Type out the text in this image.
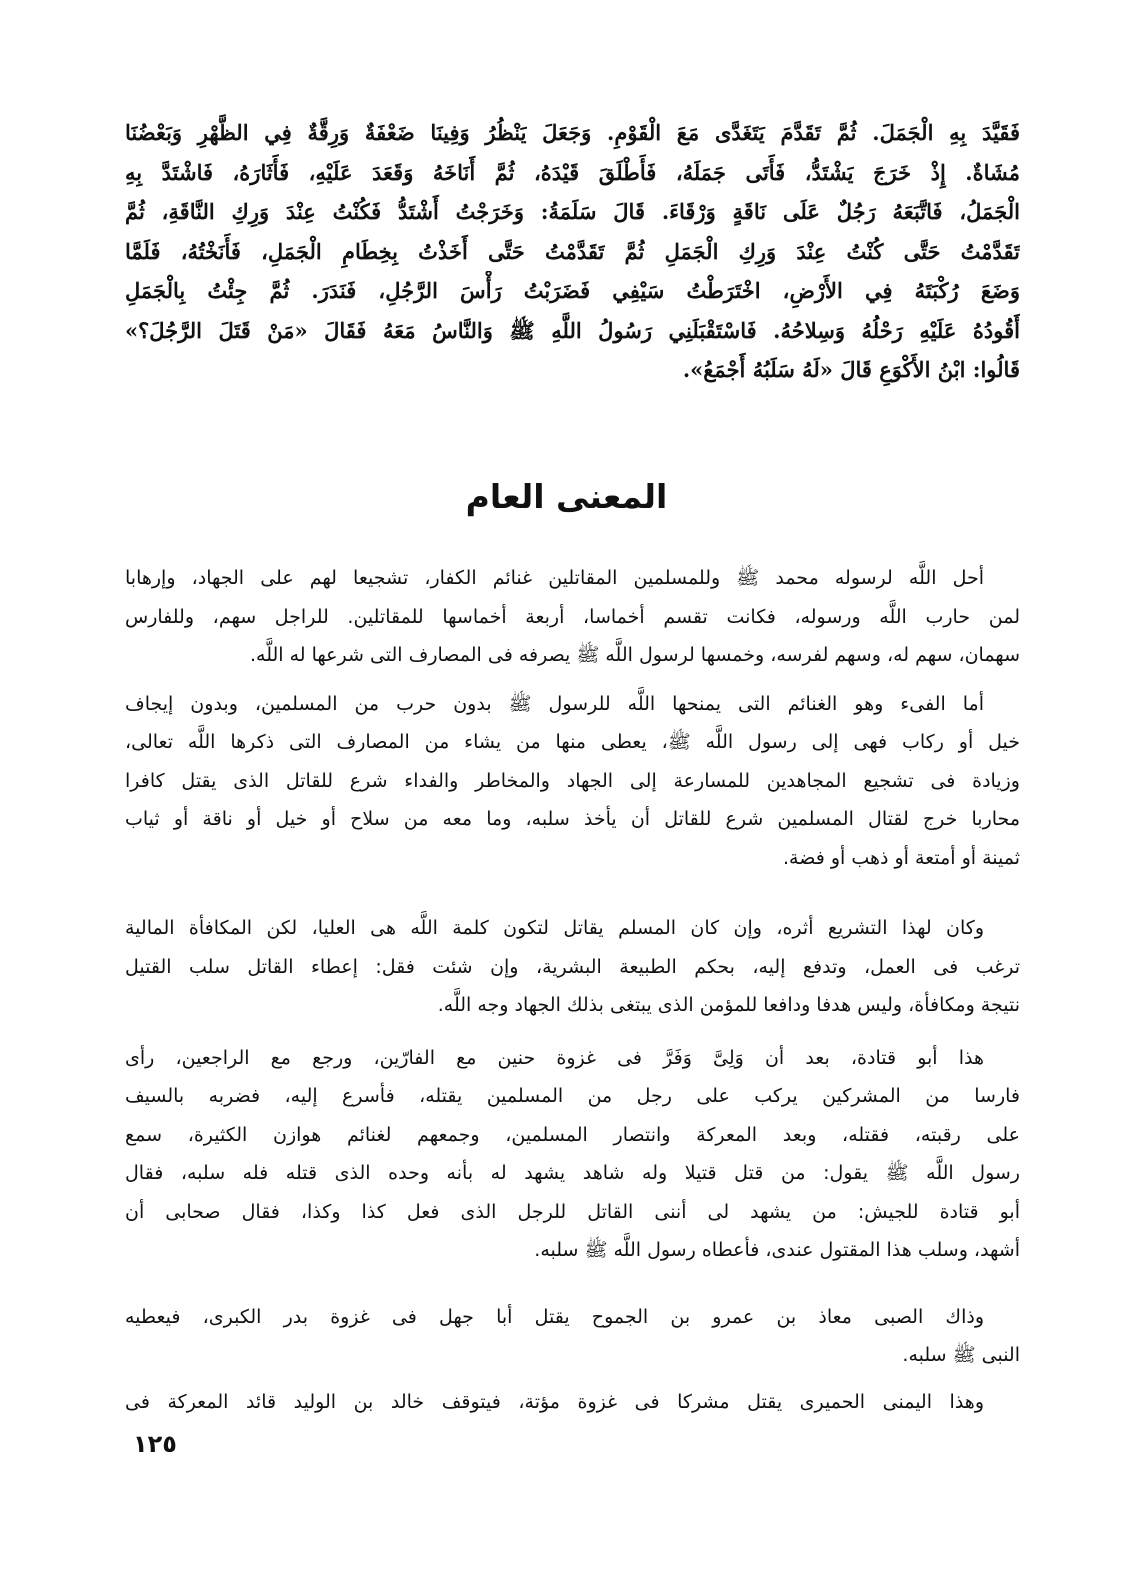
فَقَيَّدَ بِهِ الْجَمَلَ. ثُمَّ تَقَدَّمَ يَتَغَدَّى مَعَ الْقَوْمِ. وَجَعَلَ يَنْظُرُ وَفِينَا ضَعْفَةٌ وَرِقَّةٌ فِي الظَّهْرِ وَبَعْضُنَا
مُشَاةٌ. إِذْ خَرَجَ يَشْتَدُّ، فَأَتَى جَمَلَهُ، فَأَطْلَقَ قَيْدَهُ، ثُمَّ أَنَاخَهُ وَقَعَدَ عَلَيْهِ، فَأَثَارَهُ، فَاشْتَدَّ بِهِ
الْجَمَلُ، فَاتَّبَعَهُ رَجُلٌ عَلَى نَاقَةٍ وَرْقَاءَ. قَالَ سَلَمَةُ: وَخَرَجْتُ أَشْتَدُّ فَكُنْتُ عِنْدَ وَرِكِ النَّاقَةِ، ثُمَّ
تَقَدَّمْتُ حَتَّى كُنْتُ عِنْدَ وَرِكِ الْجَمَلِ ثُمَّ تَقَدَّمْتُ حَتَّى أَخَذْتُ بِخِطَامِ الْجَمَلِ، فَأَنَخْتُهُ، فَلَمَّا
وَضَعَ رُكْبَتَهُ فِي الأَرْضِ، اخْتَرَطْتُ سَيْفِي فَضَرَبْتُ رَأْسَ الرَّجُلِ، فَنَدَرَ. ثُمَّ جِئْتُ بِالْجَمَلِ
أَقُودُهُ عَلَيْهِ رَحْلُهُ وَسِلاحُهُ. فَاسْتَقْبَلَنِي رَسُولُ اللَّهِ ﷺ وَالنَّاسُ مَعَهُ فَقَالَ «مَنْ قَتَلَ الرَّجُلَ؟»
قَالُوا: ابْنُ الأَكْوَعِ قَالَ «لَهُ سَلَبُهُ أَجْمَعُ».
المعنى العام
أحل اللَّه لرسوله محمد ﷺ وللمسلمين المقاتلين غنائم الكفار، تشجيعا لهم على الجهاد، وإرهابا
لمن حارب اللَّه ورسوله، فكانت تقسم أخماسا، أربعة أخماسها للمقاتلين. للراجل سهم، وللفارس
سهمان، سهم له، وسهم لفرسه، وخمسها لرسول اللَّه ﷺ يصرفه فى المصارف التى شرعها له اللَّه.
أما الفىء وهو الغنائم التى يمنحها اللَّه للرسول ﷺ بدون حرب من المسلمين، وبدون إيجاف
خيل أو ركاب فهى إلى رسول اللَّه ﷺ، يعطى منها من يشاء من المصارف التى ذكرها اللَّه تعالى،
وزيادة فى تشجيع المجاهدين للمسارعة إلى الجهاد والمخاطر والفداء شرع للقاتل الذى يقتل كافرا
محاربا خرج لقتال المسلمين شرع للقاتل أن يأخذ سلبه، وما معه من سلاح أو خيل أو ناقة أو ثياب
ثمينة أو أمتعة أو ذهب أو فضة.
وكان لهذا التشريع أثره، وإن كان المسلم يقاتل لتكون كلمة اللَّه هى العليا، لكن المكافأة المالية
ترغب فى العمل، وتدفع إليه، بحكم الطبيعة البشرية، وإن شئت فقل: إعطاء القاتل سلب القتيل
نتيجة ومكافأة، وليس هدفا ودافعا للمؤمن الذى يبتغى بذلك الجهاد وجه اللَّه.
هذا أبو قتادة، بعد أن وَلِىَّ وَفَرَّ فى غزوة حنين مع الفارّين، ورجع مع الراجعين، رأى
فارسا من المشركين يركب على رجل من المسلمين يقتله، فأسرع إليه، فضربه بالسيف
على رقبته، فقتله، وبعد المعركة وانتصار المسلمين، وجمعهم لغنائم هوازن الكثيرة، سمع
رسول اللَّه ﷺ يقول: من قتل قتيلا وله شاهد يشهد له بأنه وحده الذى قتله فله سلبه، فقال
أبو قتادة للجيش: من يشهد لى أننى القاتل للرجل الذى فعل كذا وكذا، فقال صحابى أن
أشهد، وسلب هذا المقتول عندى، فأعطاه رسول اللَّه ﷺ سلبه.
وذاك الصبى معاذ بن عمرو بن الجموح يقتل أبا جهل فى غزوة بدر الكبرى، فيعطيه
النبى ﷺ سلبه.
وهذا اليمنى الحميرى يقتل مشركا فى غزوة مؤتة، فيتوقف خالد بن الوليد قائد المعركة فى
١٢٥
